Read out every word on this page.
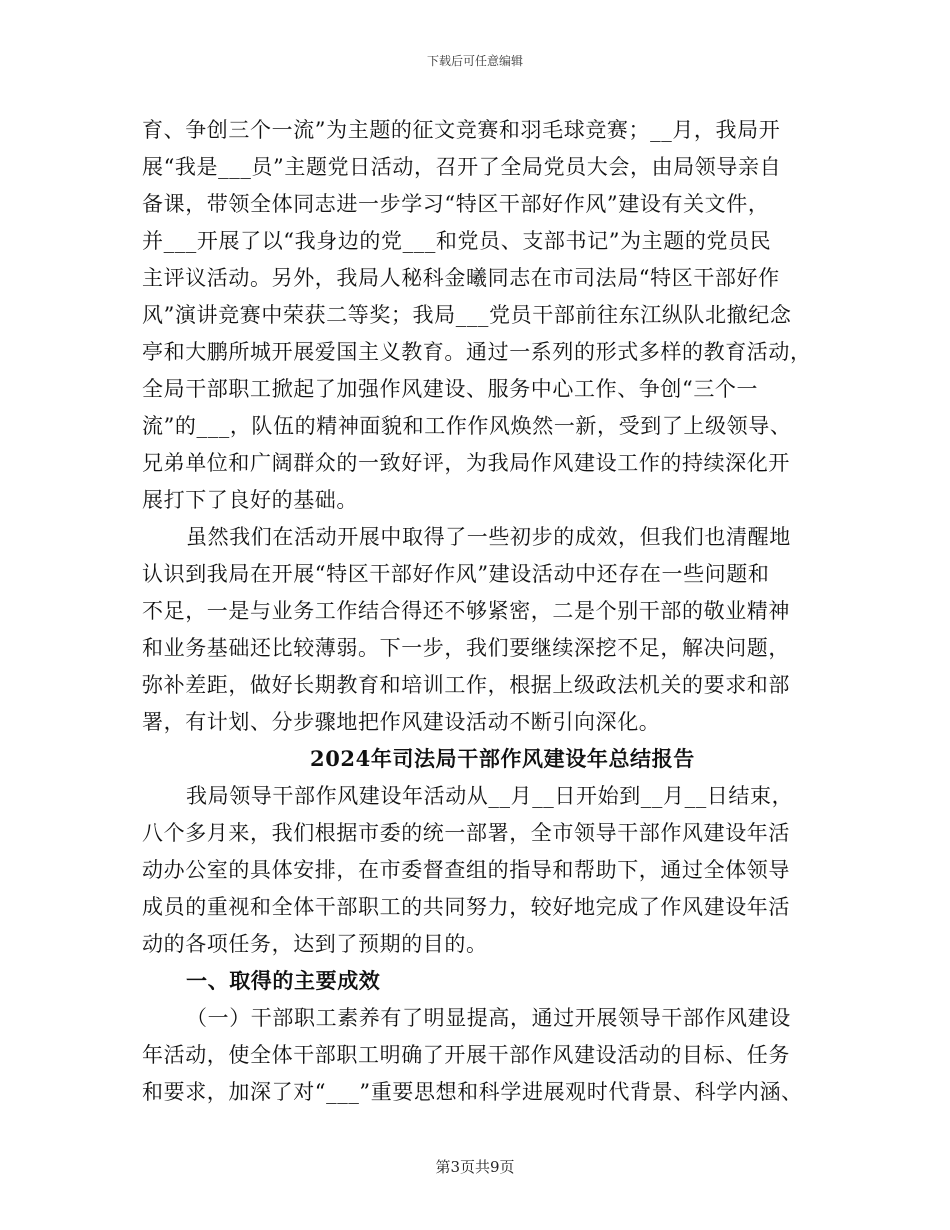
下载后可任意编辑
育、争创三个一流”为主题的征文竞赛和羽毛球竞赛；__月，我局开
展“我是___员”主题党日活动，召开了全局党员大会，由局领导亲自
备课，带领全体同志进一步学习“特区干部好作风”建设有关文件，
并___开展了以“我身边的党___和党员、支部书记”为主题的党员民
主评议活动。另外，我局人秘科金曦同志在市司法局“特区干部好作
风”演讲竞赛中荣获二等奖；我局___党员干部前往东江纵队北撤纪念
亭和大鹏所城开展爱国主义教育。通过一系列的形式多样的教育活动，
全局干部职工掀起了加强作风建设、服务中心工作、争创“三个一
流”的___，队伍的精神面貌和工作作风焕然一新，受到了上级领导、
兄弟单位和广阔群众的一致好评，为我局作风建设工作的持续深化开
展打下了良好的基础。
虽然我们在活动开展中取得了一些初步的成效，但我们也清醒地
认识到我局在开展“特区干部好作风”建设活动中还存在一些问题和
不足，一是与业务工作结合得还不够紧密，二是个别干部的敬业精神
和业务基础还比较薄弱。下一步，我们要继续深挖不足，解决问题，
弥补差距，做好长期教育和培训工作，根据上级政法机关的要求和部
署，有计划、分步骤地把作风建设活动不断引向深化。
2024年司法局干部作风建设年总结报告
我局领导干部作风建设年活动从__月__日开始到__月__日结束，
八个多月来，我们根据市委的统一部署，全市领导干部作风建设年活
动办公室的具体安排，在市委督查组的指导和帮助下，通过全体领导
成员的重视和全体干部职工的共同努力，较好地完成了作风建设年活
动的各项任务，达到了预期的目的。
一、取得的主要成效
（一）干部职工素养有了明显提高，通过开展领导干部作风建设
年活动，使全体干部职工明确了开展干部作风建设活动的目标、任务
和要求，加深了对“___”重要思想和科学进展观时代背景、科学内涵、
第3页共9页
